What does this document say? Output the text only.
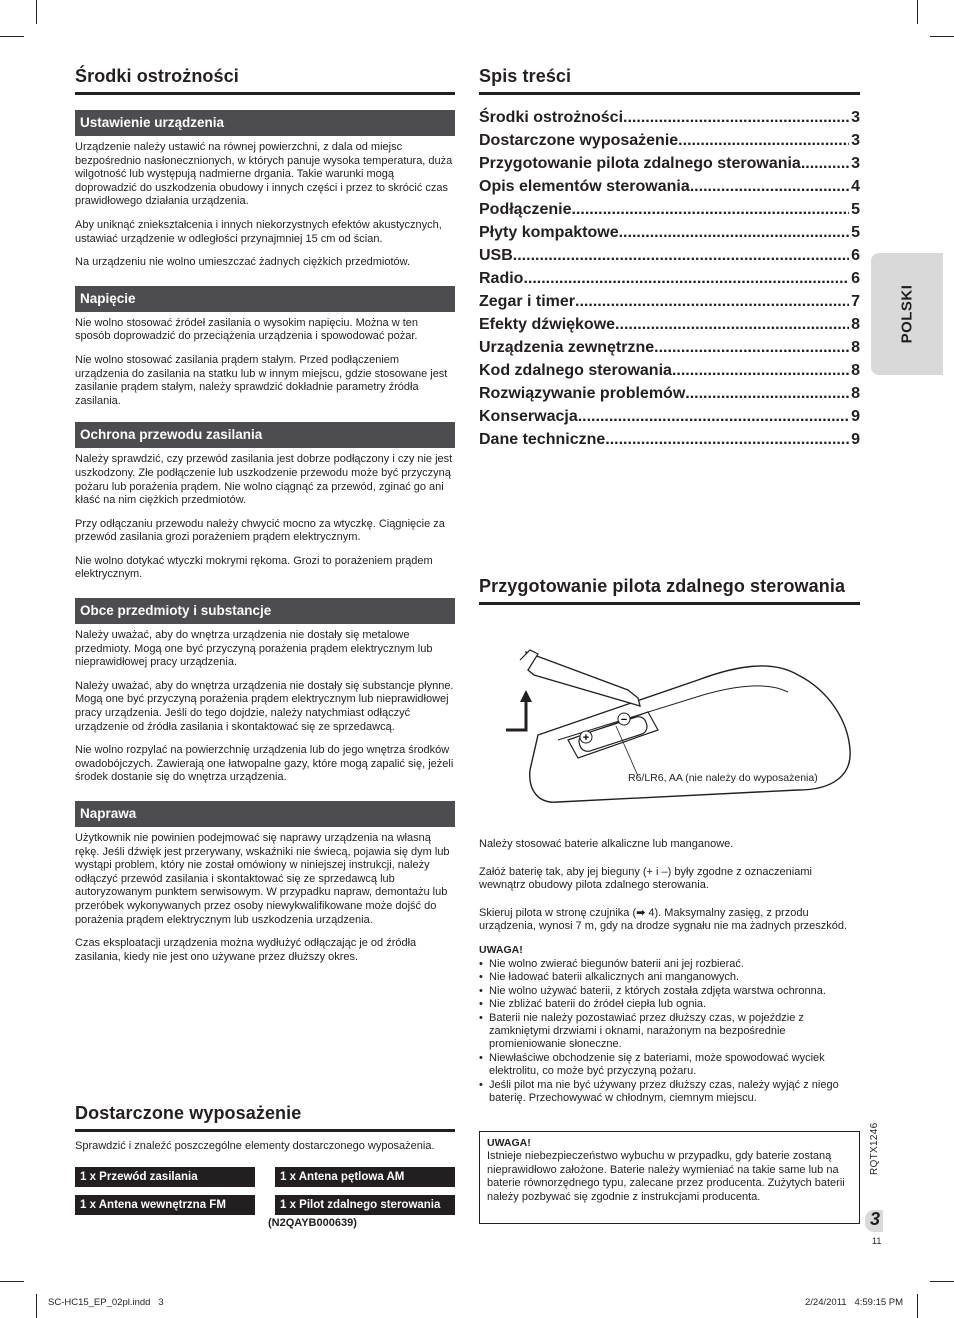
Środki ostrożności
Ustawienie urządzenia

Urządzenie należy ustawić na równej powierzchni, z dala od miejsc bezpośrednio nasłonecznionych, w których panuje wysoka temperatura, duża wilgotność lub występują nadmierne drgania. Takie warunki mogą doprowadzić do uszkodzenia obudowy i innych części i przez to skrócić czas prawidłowego działania urządzenia.

Aby uniknąć zniekształcenia i innych niekorzystnych efektów akustycznych, ustawiać urządzenie w odległości przynajmniej 15 cm od ścian.

Na urządzeniu nie wolno umieszczać żadnych ciężkich przedmiotów.

Napięcie

Nie wolno stosować źródeł zasilania o wysokim napięciu. Można w ten sposób doprowadzić do przeciążenia urządzenia i spowodować pożar.

Nie wolno stosować zasilania prądem stałym. Przed podłączeniem urządzenia do zasilania na statku lub w innym miejscu, gdzie stosowane jest zasilanie prądem stałym, należy sprawdzić dokładnie parametry źródła zasilania.

Ochrona przewodu zasilania

Należy sprawdzić, czy przewód zasilania jest dobrze podłączony i czy nie jest uszkodzony. Złe podłączenie lub uszkodzenie przewodu może być przyczyną pożaru lub porażenia prądem. Nie wolno ciągnąć za przewód, zginać go ani kłaść na nim ciężkich przedmiotów.

Przy odłączaniu przewodu należy chwycić mocno za wtyczkę. Ciągnięcie za przewód zasilania grozi porażeniem prądem elektrycznym.

Nie wolno dotykać wtyczki mokrymi rękoma. Grozi to porażeniem prądem elektrycznym.

Obce przedmioty i substancje

Należy uważać, aby do wnętrza urządzenia nie dostały się metalowe przedmioty. Mogą one być przyczyną porażenia prądem elektrycznym lub nieprawidłowej pracy urządzenia.

Należy uważać, aby do wnętrza urządzenia nie dostały się substancje płynne. Mogą one być przyczyną porażenia prądem elektrycznym lub nieprawidłowej pracy urządzenia. Jeśli do tego dojdzie, należy natychmiast odłączyć urządzenie od źródła zasilania i skontaktować się ze sprzedawcą.

Nie wolno rozpylać na powierzchnię urządzenia lub do jego wnętrza środków owadobójczych. Zawierają one łatwopalne gazy, które mogą zapalić się, jeżeli środek dostanie się do wnętrza urządzenia.

Naprawa

Użytkownik nie powinien podejmować się naprawy urządzenia na własną rękę. Jeśli dźwięk jest przerywany, wskaźniki nie świecą, pojawia się dym lub wystąpi problem, który nie został omówiony w niniejszej instrukcji, należy odłączyć przewód zasilania i skontaktować się ze sprzedawcą lub autoryzowanym punktem serwisowym. W przypadku napraw, demontażu lub przeróbek wykonywanych przez osoby niewykwalifikowane może dojść do porażenia prądem elektrycznym lub uszkodzenia urządzenia.

Czas eksploatacji urządzenia można wydłużyć odłączając je od źródła zasilania, kiedy nie jest ono używane przez dłuższy okres.

Dostarczone wyposażenie

Sprawdzić i znaleźć poszczególne elementy dostarczonego wyposażenia.

1 x Przewód zasilania	1 x Antena pętlowa AM
1 x Antena wewnętrzna FM	1 x Pilot zdalnego sterowania
(N2QAYB000639)
Spis treści
Środki ostrożności .....	3
Dostarczone wyposażenie .....	3
Przygotowanie pilota zdalnego sterowania .....	3
Opis elementów sterowania .....	4
Podłączenie .....	5
Płyty kompaktowe .....	5
USB .....	6
Radio .....	6
Zegar i timer .....	7
Efekty dźwiękowe .....	8
Urządzenia zewnętrzne .....	8
Kod zdalnego sterowania .....	8
Rozwiązywanie problemów .....	8
Konserwacja .....	9
Dane techniczne .....	9
Przygotowanie pilota zdalnego sterowania
+
−
R6/LR6, AA (nie należy do wyposażenia)

Należy stosować baterie alkaliczne lub manganowe.

Załóż baterię tak, aby jej bieguny (+ i –) były zgodne z oznaczeniami wewnątrz obudowy pilota zdalnego sterowania.

Skieruj pilota w stronę czujnika (➡ 4). Maksymalny zasięg, z przodu urządzenia, wynosi 7 m, gdy na drodze sygnału nie ma żadnych przeszkód.

UWAGA!
• Nie wolno zwierać biegunów baterii ani jej rozbierać.
• Nie ładować baterii alkalicznych ani manganowych.
• Nie wolno używać baterii, z których została zdjęta warstwa ochronna.
• Nie zbliżać baterii do źródeł ciepła lub ognia.
• Baterii nie należy pozostawiać przez dłuższy czas, w pojeździe z zamkniętymi drzwiami i oknami, narażonym na bezpośrednie promieniowanie słoneczne.
• Niewłaściwe obchodzenie się z bateriami, może spowodować wyciek elektrolitu, co może być przyczyną pożaru.
• Jeśli pilot ma nie być używany przez dłuższy czas, należy wyjąć z niego baterię. Przechowywać w chłodnym, ciemnym miejscu.
UWAGA!

Istnieje niebezpieczeństwo wybuchu w przypadku, gdy baterie zostaną nieprawidłowo założone. Baterie należy wymieniać na takie same lub na baterie równorzędnego typu, zalecane przez producenta. Zużytych baterii należy pozbywać się zgodnie z instrukcjami producenta.

POLSKI
RQTX1246
3
11
SC-HC15_EP_02pl.indd   3	2/24/2011   4:59:15 PM
